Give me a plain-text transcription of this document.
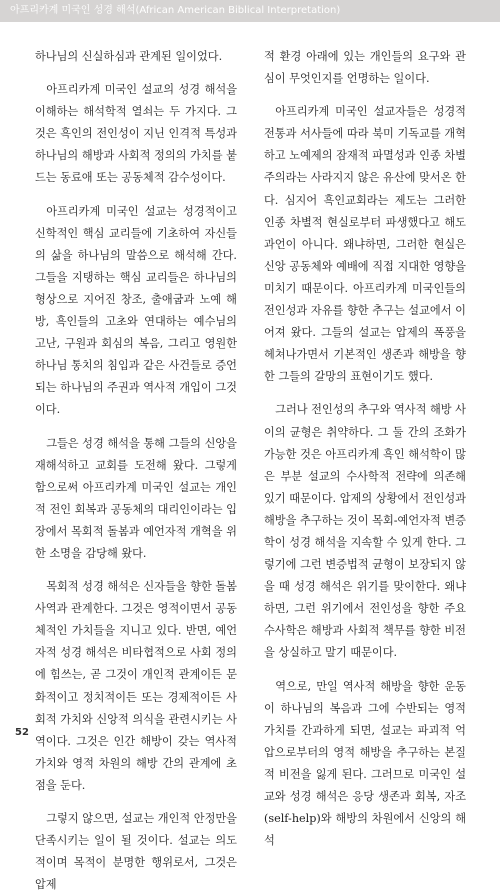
아프리카계 미국인 성경 해석(African American Biblical Interpretation)

하나님의 신실하심과 관계된 일이었다.

아프리카계 미국인 설교의 성경 해석을 이해하는 해석학적 열쇠는 두 가지다. 그것은 흑인의 전인성이 지닌 인격적 특성과 하나님의 해방과 사회적 정의의 가치를 붙드는 동료애 또는 공동체적 감수성이다.

아프리카계 미국인 설교는 성경적이고 신학적인 핵심 교리들에 기초하여 자신들의 삶을 하나님의 말씀으로 해석해 간다. 그들을 지탱하는 핵심 교리들은 하나님의 형상으로 지어진 창조, 출애굽과 노예 해방, 흑인들의 고초와 연대하는 예수님의 고난, 구원과 회심의 복음, 그리고 영원한 하나님 통치의 침입과 같은 사건들로 증언되는 하나님의 주권과 역사적 개입이 그것이다.

그들은 성경 해석을 통해 그들의 신앙을 재해석하고 교회를 도전해 왔다. 그렇게 함으로써 아프리카계 미국인 설교는 개인적 전인 회복과 공동체의 대리인이라는 입장에서 목회적 돌봄과 예언자적 개혁을 위한 소명을 감당해 왔다.

목회적 성경 해석은 신자들을 향한 돌봄 사역과 관계한다. 그것은 영적이면서 공동체적인 가치들을 지니고 있다. 반면, 예언자적 성경 해석은 비타협적으로 사회 정의에 힘쓰는, 곧 그것이 개인적 관계이든 문화적이고 정치적이든 또는 경제적이든 사회적 가치와 신앙적 의식을 관련시키는 사역이다. 그것은 인간 해방이 갖는 역사적 가치와 영적 차원의 해방 간의 관계에 초점을 둔다.

그렇지 않으면, 설교는 개인적 안정만을 단족시키는 일이 될 것이다. 설교는 의도적이며 목적이 분명한 행위로서, 그것은 압제

적 환경 아래에 있는 개인들의 요구와 관심이 무엇인지를 언명하는 일이다.

아프리카계 미국인 설교자들은 성경적 전통과 서사들에 따라 북미 기독교를 개혁하고 노예제의 잠재적 파멸성과 인종 차별주의라는 사라지지 않은 유산에 맞서온 한다. 심지어 흑인교회라는 제도는 그러한 인종 차별적 현실로부터 파생했다고 해도 과언이 아니다. 왜냐하면, 그러한 현실은 신앙 공동체와 예배에 직접 지대한 영향을 미치기 때문이다. 아프리카계 미국인들의 전인성과 자유를 향한 추구는 설교에서 이어져 왔다. 그들의 설교는 압제의 폭풍을 헤쳐나가면서 기본적인 생존과 해방을 향한 그들의 갈망의 표현이기도 했다.

그러나 전인성의 추구와 역사적 해방 사이의 균형은 취약하다. 그 둘 간의 조화가 가능한 것은 아프리카계 흑인 해석학이 많은 부분 설교의 수사학적 전략에 의존해 있기 때문이다. 압제의 상황에서 전인성과 해방을 추구하는 것이 목회-예언자적 변증학이 성경 해석을 지속할 수 있게 한다. 그렇기에 그런 변증법적 균형이 보장되지 않을 때 성경 해석은 위기를 맞이한다. 왜냐하면, 그런 위기에서 전인성을 향한 주요 수사학은 해방과 사회적 책무를 향한 비전을 상실하고 말기 때문이다.

역으로, 만일 역사적 해방을 향한 운동이 하나님의 복음과 그에 수반되는 영적 가치를 간과하게 되면, 설교는 파괴적 억압으로부터의 영적 해방을 추구하는 본질적 비전을 잃게 된다. 그러므로 미국인 설교와 성경 해석은 응당 생존과 회복, 자조(self-help)와 해방의 차원에서 신앙의 해석

52
